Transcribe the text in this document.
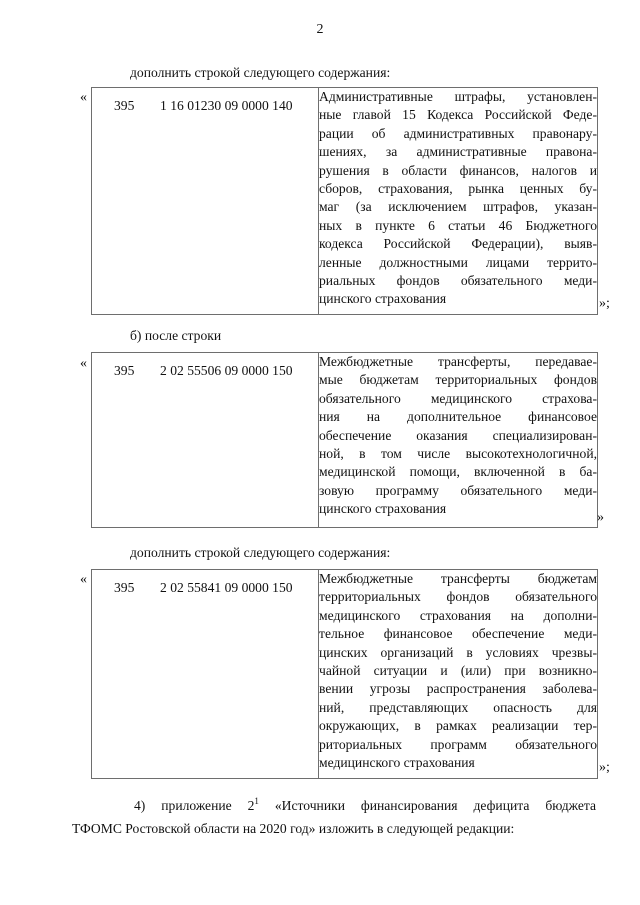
2
дополнить строкой следующего содержания:
«
395 1 16 01230 09 0000 140

Административные штрафы, установлен-
ные главой 15 Кодекса Российской Феде-
рации об административных правонару-
шениях, за административные правона-
рушения в области финансов, налогов и
сборов, страхования, рынка ценных бу-
маг (за исключением штрафов, указан-
ных в пункте 6 статьи 46 Бюджетного
кодекса Российской Федерации), выяв-
ленные должностными лицами террито-
риальных фондов обязательного меди-
цинского страхования	»;
б) после строки
« 395 2 02 55506 09 0000 150

Межбюджетные трансферты, передавае-
мые бюджетам территориальных фондов
обязательного медицинского страхова-
ния на дополнительное финансовое
обеспечение оказания специализирован-
ной, в том числе высокотехнологичной,
медицинской помощи, включенной в ба-
зовую программу обязательного меди-
цинского страхования
»
дополнить строкой следующего содержания:
«
395 2 02 55841 09 0000 150

Межбюджетные трансферты бюджетам
территориальных фондов обязательного
медицинского страхования на дополни-
тельное финансовое обеспечение меди-
цинских организаций в условиях чрезвы-
чайной ситуации и (или) при возникно-
вении угрозы распространения заболева-
ний, представляющих опасность для
окружающих, в рамках реализации тер-
риториальных программ обязательного
медицинского страхования	»;
4) приложение $2^1$ «Источники финансирования дефицита бюджета
ТФОМС Ростовской области на 2020 год» изложить в следующей редакции:
